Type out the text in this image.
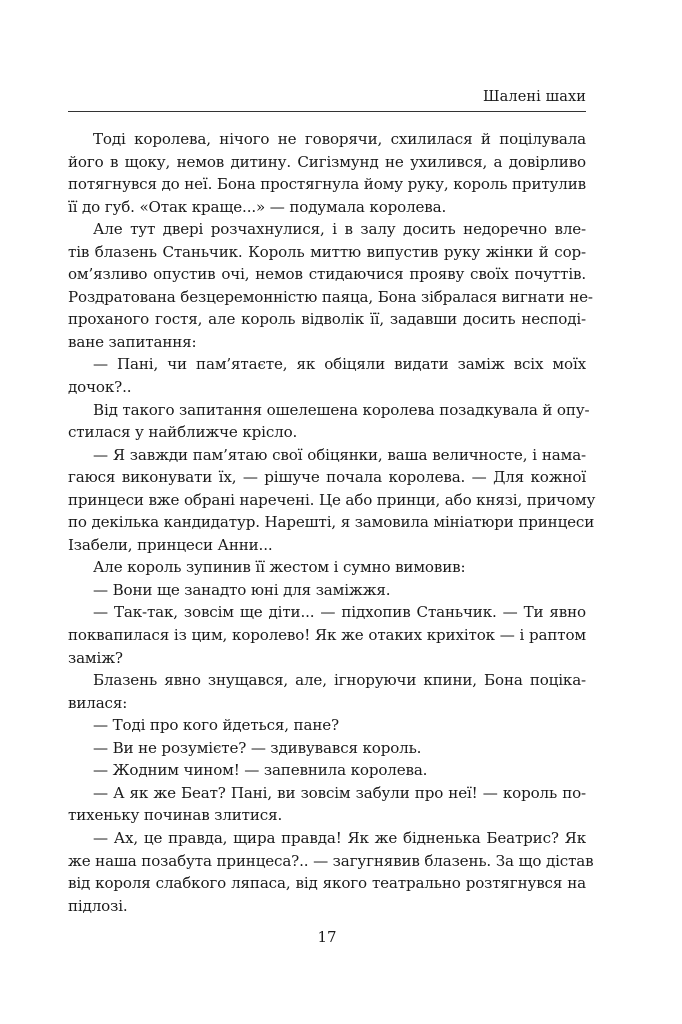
Шалені шахи
Тоді королева, нічого не говорячи, схилилася й поцілувала
його в щоку, немов дитину. Сигізмунд не ухилився, а довірливо
потягнувся до неї. Бона простягнула йому руку, король притулив
її до губ. «Отак краще...» — подумала королева.
Але тут двері розчахнулися, і в залу досить недоречно вле-
тів блазень Станьчик. Король миттю випустив руку жінки й сор-
ом’язливо опустив очі, немов стидаючися прояву своїх почуттів.
Роздратована безцеремонністю паяца, Бона зібралася вигнати не-
проханого гостя, але король відволік її, задавши досить несподі-
ване запитання:
— Пані, чи пам’ятаєте, як обіцяли видати заміж всіх моїх
дочок?..
Від такого запитання ошелешена королева позадкувала й опу-
стилася у найближче крісло.
— Я завжди пам’ятаю свої обіцянки, ваша величносте, і нама-
гаюся виконувати їх, — рішуче почала королева. — Для кожної
принцеси вже обрані наречені. Це або принци, або князі, причому
по декілька кандидатур. Нарешті, я замовила мініатюри принцеси
Ізабели, принцеси Анни...
Але король зупинив її жестом і сумно вимовив:
— Вони ще занадто юні для заміжжя.
— Так-так, зовсім ще діти... — підхопив Станьчик. — Ти явно
поквапилася із цим, королево! Як же отаких крихіток — і раптом
заміж?
Блазень явно знущався, але, ігноруючи кпини, Бона поціка-
вилася:
— Тоді про кого йдеться, пане?
— Ви не розумієте? — здивувався король.
— Жодним чином! — запевнила королева.
— А як же Беат? Пані, ви зовсім забули про неї! — король по-
тихеньку починав злитися.
— Ах, це правда, щира правда! Як же бідненька Беатрис? Як
же наша позабута принцеса?.. — загугнявив блазень. За що дістав
від короля слабкого ляпаса, від якого театрально розтягнувся на
підлозі.
17
